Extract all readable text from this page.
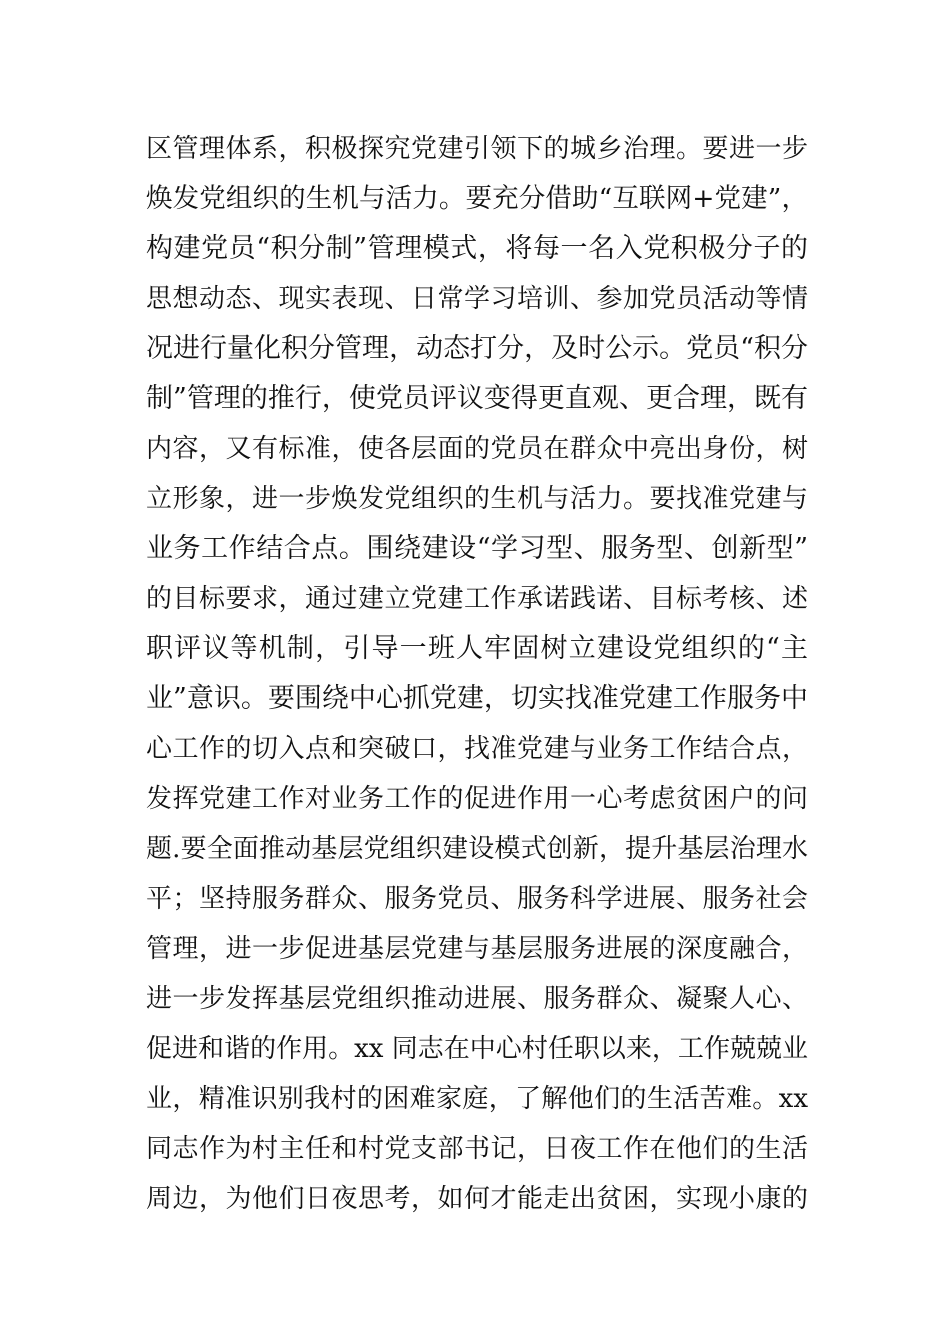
区管理体系，积极探究党建引领下的城乡治理。要进一步
焕发党组织的生机与活力。要充分借助“互联网+党建”，
构建党员“积分制”管理模式，将每一名入党积极分子的
思想动态、现实表现、日常学习培训、参加党员活动等情
况进行量化积分管理，动态打分，及时公示。党员“积分
制”管理的推行，使党员评议变得更直观、更合理，既有
内容，又有标准，使各层面的党员在群众中亮出身份，树
立形象，进一步焕发党组织的生机与活力。要找准党建与
业务工作结合点。围绕建设“学习型、服务型、创新型”
的目标要求，通过建立党建工作承诺践诺、目标考核、述
职评议等机制，引导一班人牢固树立建设党组织的“主
业”意识。要围绕中心抓党建，切实找准党建工作服务中
心工作的切入点和突破口，找准党建与业务工作结合点，
发挥党建工作对业务工作的促进作用一心考虑贫困户的问
题.要全面推动基层党组织建设模式创新，提升基层治理水
平；坚持服务群众、服务党员、服务科学进展、服务社会
管理，进一步促进基层党建与基层服务进展的深度融合，
进一步发挥基层党组织推动进展、服务群众、凝聚人心、
促进和谐的作用。xx 同志在中心村任职以来，工作兢兢业
业，精准识别我村的困难家庭，了解他们的生活苦难。xx
同志作为村主任和村党支部书记，日夜工作在他们的生活
周边，为他们日夜思考，如何才能走出贫困，实现小康的
